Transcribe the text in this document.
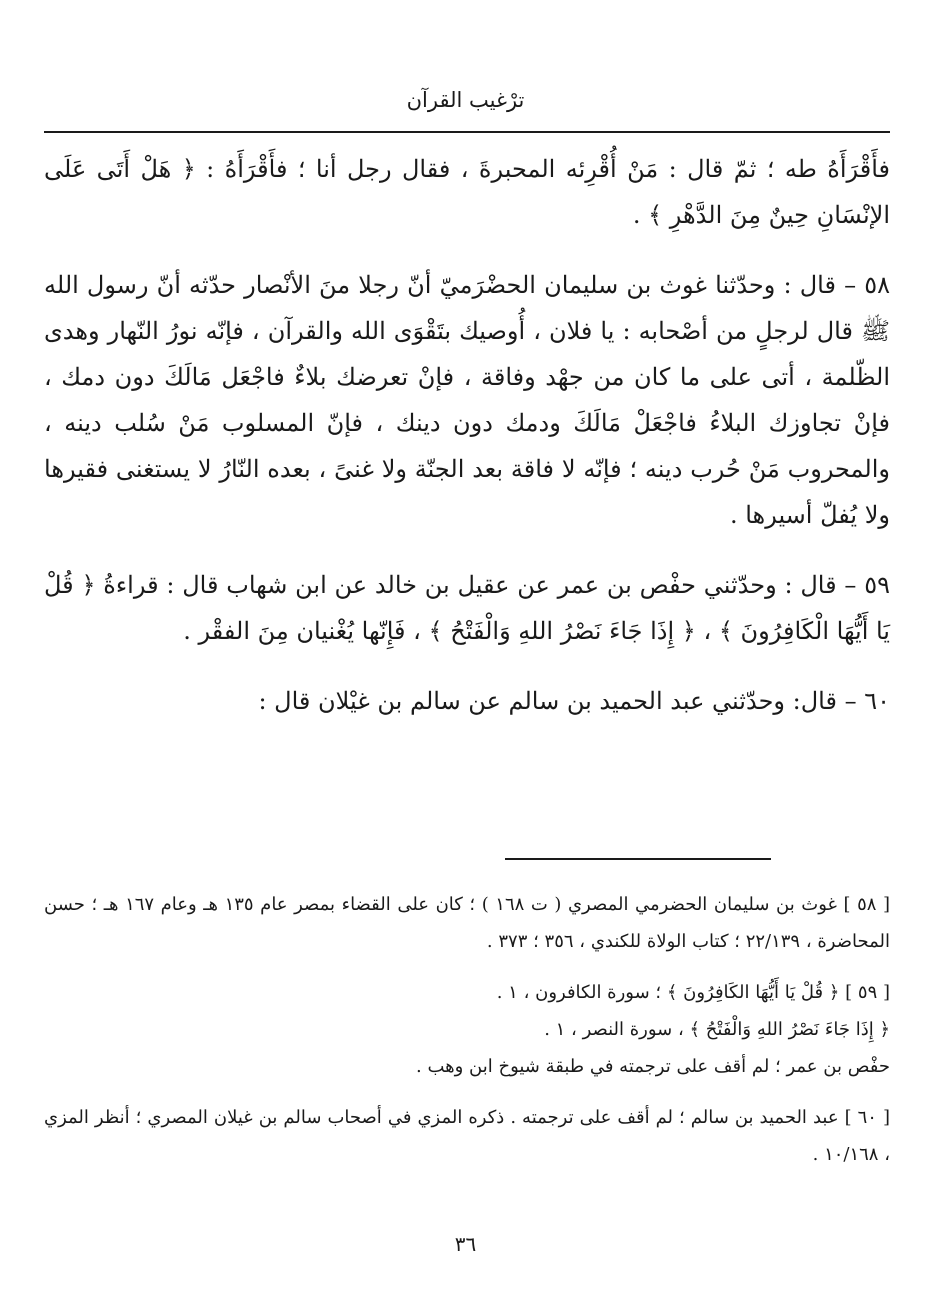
ترْغيب القرآن

فأَقْرَأَهُ طه ؛ ثمّ قال : مَنْ أُقْرِئه المحبرةَ ، فقال رجل أنا ؛ فأَقْرَأَهُ : ﴿ هَلْ أَتَى عَلَى الإنْسَانِ حِينٌ مِنَ الدَّهْرِ ﴾ .

٥٨ – قال : وحدّثنا غوث بن سليمان الحضْرَميّ أنّ رجلا منَ الأنْصار حدّثه أنّ رسول الله ﷺ قال لرجلٍ من أصْحابه : يا فلان ، أُوصيك بتَقْوَى الله والقرآن ، فإنّه نورُ النّهار وهدى الظّلمة ، أتى على ما كان من جهْد وفاقة ، فإنْ تعرضك بلاءٌ فاجْعَل مَالَكَ دون دمك ، فإنْ تجاوزك البلاءُ فاجْعَلْ مَالَكَ ودمك دون دينك ، فإنّ المسلوب مَنْ سُلب دينه ، والمحروب مَنْ حُرب دينه ؛ فإنّه لا فاقة بعد الجنّة ولا غنىً ، بعده النّارُ لا يستغنى فقيرها ولا يُفلّ أسيرها .

٥٩ – قال : وحدّثني حفْص بن عمر عن عقيل بن خالد عن ابن شهاب قال : قراءةُ ﴿ قُلْ يَا أَيُّهَا الْكَافِرُونَ ﴾ ، ﴿ إِذَا جَاءَ نَصْرُ اللهِ وَالْفَتْحُ ﴾ ، فَإِنّها يُغْنيان مِنَ الفقْر .

٦٠ – قال: وحدّثني عبد الحميد بن سالم عن سالم بن غيْلان قال :

[ ٥٨ ] غوث بن سليمان الحضرمي المصري ( ت ١٦٨ ) ؛ كان على القضاء بمصر عام ١٣٥ هـ وعام ١٦٧ هـ ؛ حسن المحاضرة ، ٢٢/١٣٩ ؛ كتاب الولاة للكندي ، ٣٥٦ ؛ ٣٧٣ .

[ ٥٩ ] ﴿ قُلْ يَا أَيُّهَا الكَافِرُونَ ﴾ ؛ سورة الكافرون ، ١ .
﴿ إِذَا جَاءَ نَصْرُ اللهِ وَالْفَتْحُ ﴾ ، سورة النصر ، ١ .
حفْص بن عمر ؛ لم أقف على ترجمته في طبقة شيوخ ابن وهب .

[ ٦٠ ] عبد الحميد بن سالم ؛ لم أقف على ترجمته . ذكره المزي في أصحاب سالم بن غيلان المصري ؛ أنظر المزي ، ١٠/١٦٨ .

٣٦
